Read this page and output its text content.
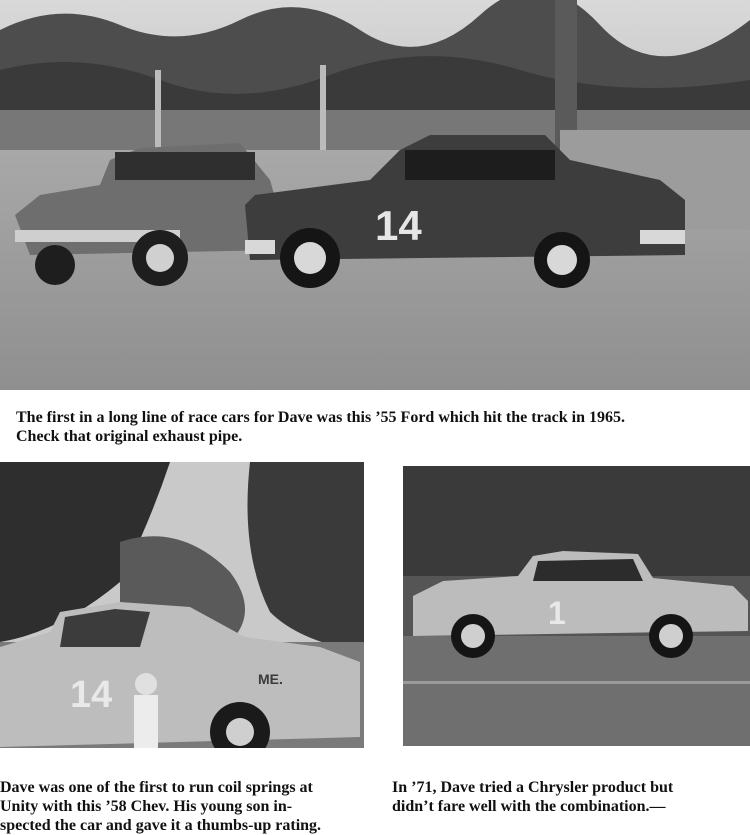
14
The first in a long line of race cars for Dave was this ’55 Ford which hit the track in 1965.
Check that original exhaust pipe.
14	ME.
1
Dave was one of the first to run coil springs at
Unity with this ’58 Chev. His young son in-
spected the car and gave it a thumbs-up rating.
In ’71, Dave tried a Chrysler product but
didn’t fare well with the combination.—
